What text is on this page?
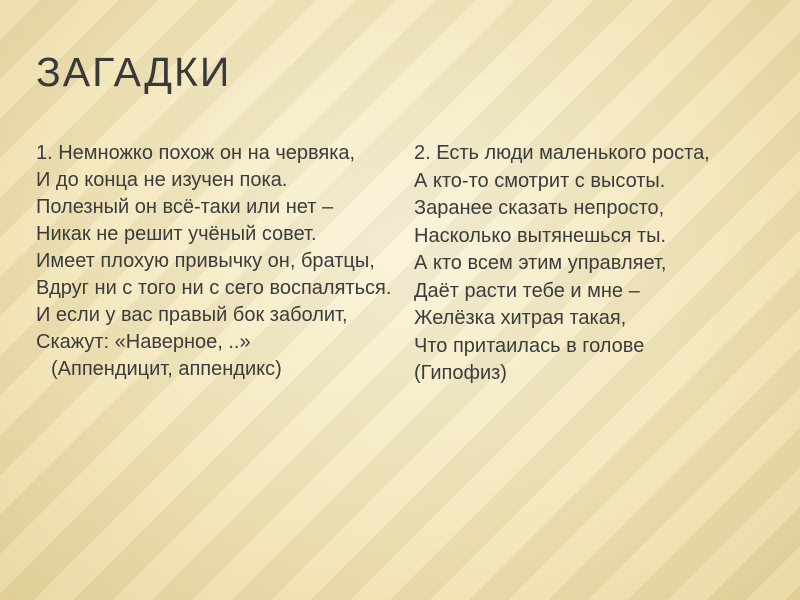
ЗАГАДКИ
1. Немножко похож он на червяка,
И до конца не изучен пока.
Полезный он всё-таки или нет –
Никак не решит учёный совет.
Имеет плохую привычку он, братцы,
Вдруг ни с того ни с сего воспаляться.
И если у вас правый бок заболит,
Скажут: «Наверное, ..»
(Аппендицит, аппендикс)
2. Есть люди маленького роста,
А кто-то смотрит с высоты.
Заранее сказать непросто,
Насколько вытянешься ты.
А кто всем этим управляет,
Даёт расти тебе и мне –
Желёзка хитрая такая,
Что притаилась в голове
(Гипофиз)
